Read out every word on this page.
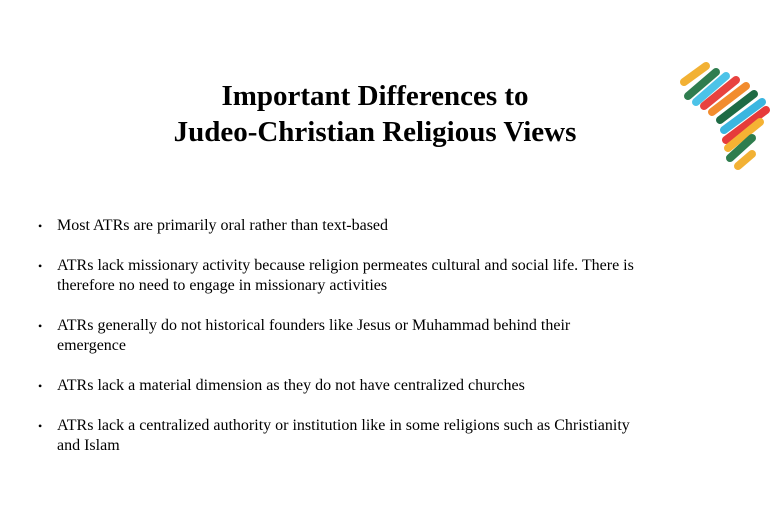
Important Differences to
Judeo-Christian Religious Views
• Most ATRs are primarily oral rather than text-based
• ATRs lack missionary activity because religion permeates cultural and social life. There is therefore no need to engage in missionary activities
• ATRs generally do not historical founders like Jesus or Muhammad behind their emergence
• ATRs lack a material dimension as they do not have centralized churches
• ATRs lack a centralized authority or institution like in some religions such as Christianity and Islam
